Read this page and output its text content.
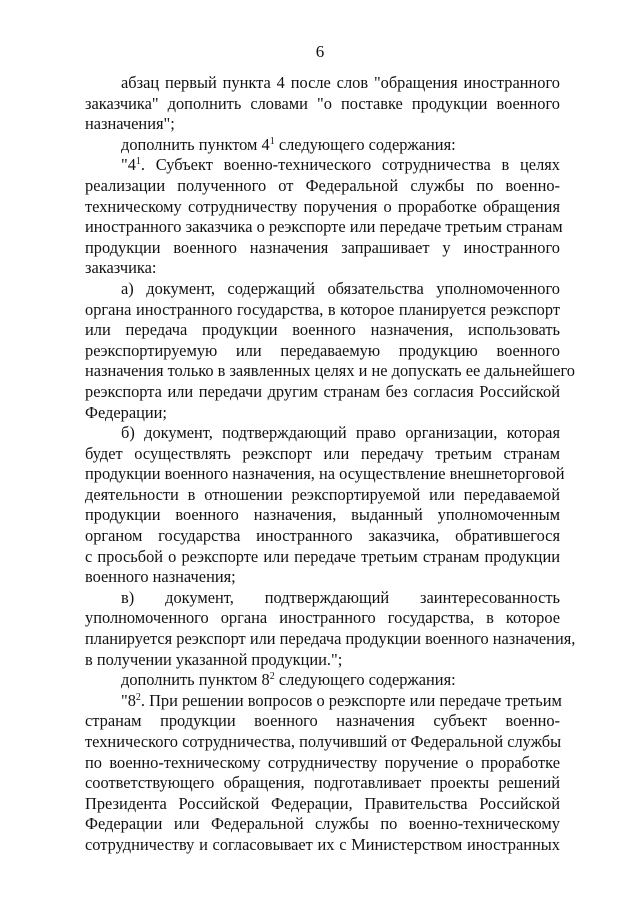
6
абзац первый пункта 4 после слов "обращения иностранного
заказчика" дополнить словами "о поставке продукции военного
назначения";
дополнить пунктом $4^1$ следующего содержания:
"$4^1$. Субъект военно-технического сотрудничества в целях
реализации полученного от Федеральной службы по военно-
техническому сотрудничеству поручения о проработке обращения
иностранного заказчика о реэкспорте или передаче третьим странам
продукции военного назначения запрашивает у иностранного
заказчика:
а) документ, содержащий обязательства уполномоченного
органа иностранного государства, в которое планируется реэкспорт
или передача продукции военного назначения, использовать
реэкспортируемую или передаваемую продукцию военного
назначения только в заявленных целях и не допускать ее дальнейшего
реэкспорта или передачи другим странам без согласия Российской
Федерации;
б) документ, подтверждающий право организации, которая
будет осуществлять реэкспорт или передачу третьим странам
продукции военного назначения, на осуществление внешнеторговой
деятельности в отношении реэкспортируемой или передаваемой
продукции военного назначения, выданный уполномоченным
органом государства иностранного заказчика, обратившегося
с просьбой о реэкспорте или передаче третьим странам продукции
военного назначения;
в) документ, подтверждающий заинтересованность
уполномоченного органа иностранного государства, в которое
планируется реэкспорт или передача продукции военного назначения,
в получении указанной продукции.";
дополнить пунктом $8^2$ следующего содержания:
"$8^2$. При решении вопросов о реэкспорте или передаче третьим
странам продукции военного назначения субъект военно-
технического сотрудничества, получивший от Федеральной службы
по военно-техническому сотрудничеству поручение о проработке
соответствующего обращения, подготавливает проекты решений
Президента Российской Федерации, Правительства Российской
Федерации или Федеральной службы по военно-техническому
сотрудничеству и согласовывает их с Министерством иностранных
